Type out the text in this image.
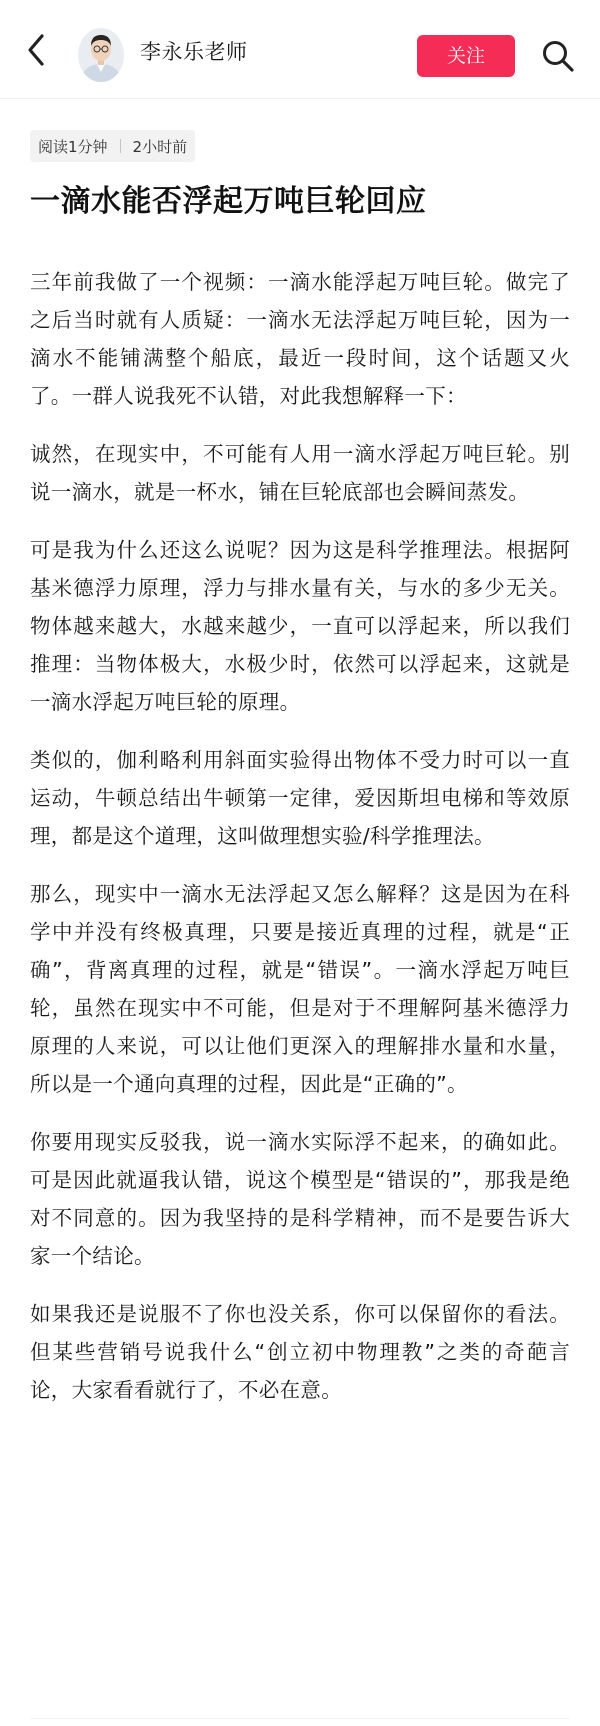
李永乐老师	关注
阅读1分钟 2小时前
一滴水能否浮起万吨巨轮回应

三年前我做了一个视频：一滴水能浮起万吨巨轮。做完了之后当时就有人质疑：一滴水无法浮起万吨巨轮，因为一滴水不能铺满整个船底，最近一段时间，这个话题又火了。一群人说我死不认错，对此我想解释一下：

诚然，在现实中，不可能有人用一滴水浮起万吨巨轮。别说一滴水，就是一杯水，铺在巨轮底部也会瞬间蒸发。

可是我为什么还这么说呢？因为这是科学推理法。根据阿基米德浮力原理，浮力与排水量有关，与水的多少无关。物体越来越大，水越来越少，一直可以浮起来，所以我们推理：当物体极大，水极少时，依然可以浮起来，这就是一滴水浮起万吨巨轮的原理。

类似的，伽利略利用斜面实验得出物体不受力时可以一直运动，牛顿总结出牛顿第一定律，爱因斯坦电梯和等效原理，都是这个道理，这叫做理想实验/科学推理法。

那么，现实中一滴水无法浮起又怎么解释？这是因为在科学中并没有终极真理，只要是接近真理的过程，就是“正确”，背离真理的过程，就是“错误”。一滴水浮起万吨巨轮，虽然在现实中不可能，但是对于不理解阿基米德浮力原理的人来说，可以让他们更深入的理解排水量和水量，所以是一个通向真理的过程，因此是“正确的”。

你要用现实反驳我，说一滴水实际浮不起来，的确如此。可是因此就逼我认错，说这个模型是“错误的”，那我是绝对不同意的。因为我坚持的是科学精神，而不是要告诉大家一个结论。

如果我还是说服不了你也没关系，你可以保留你的看法。但某些营销号说我什么“创立初中物理教”之类的奇葩言论，大家看看就行了，不必在意。
